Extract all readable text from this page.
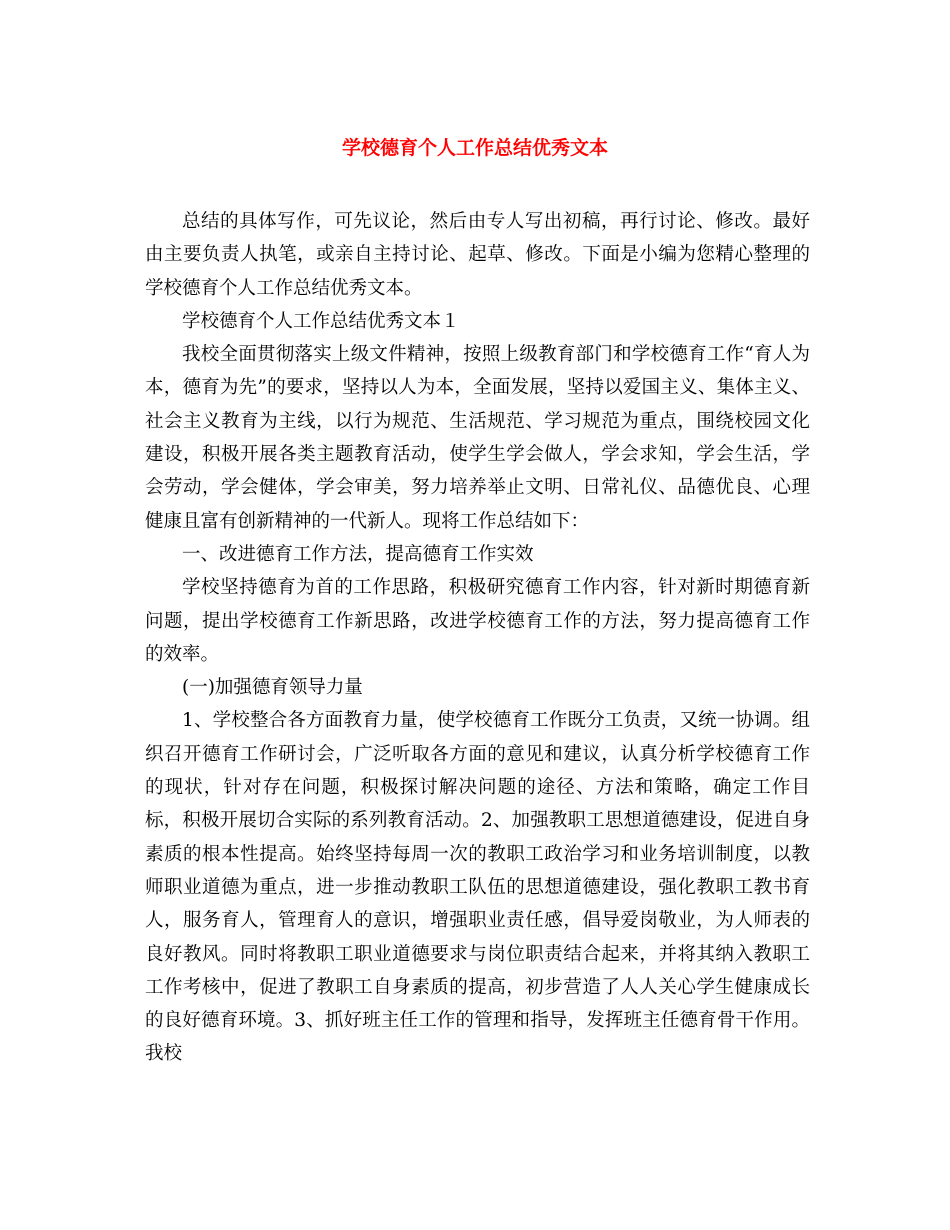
学校德育个人工作总结优秀文本

总结的具体写作，可先议论，然后由专人写出初稿，再行讨论、修改。最好由主要负责人执笔，或亲自主持讨论、起草、修改。下面是小编为您精心整理的学校德育个人工作总结优秀文本。

学校德育个人工作总结优秀文本１

我校全面贯彻落实上级文件精神，按照上级教育部门和学校德育工作“育人为本，德育为先”的要求，坚持以人为本，全面发展，坚持以爱国主义、集体主义、社会主义教育为主线，以行为规范、生活规范、学习规范为重点，围绕校园文化建设，积极开展各类主题教育活动，使学生学会做人，学会求知，学会生活，学会劳动，学会健体，学会审美，努力培养举止文明、日常礼仪、品德优良、心理健康且富有创新精神的一代新人。现将工作总结如下：

一、改进德育工作方法，提高德育工作实效

学校坚持德育为首的工作思路，积极研究德育工作内容，针对新时期德育新问题，提出学校德育工作新思路，改进学校德育工作的方法，努力提高德育工作的效率。

(一)加强德育领导力量

1、学校整合各方面教育力量，使学校德育工作既分工负责，又统一协调。组织召开德育工作研讨会，广泛听取各方面的意见和建议，认真分析学校德育工作的现状，针对存在问题，积极探讨解决问题的途径、方法和策略，确定工作目标，积极开展切合实际的系列教育活动。2、加强教职工思想道德建设，促进自身素质的根本性提高。始终坚持每周一次的教职工政治学习和业务培训制度，以教师职业道德为重点，进一步推动教职工队伍的思想道德建设，强化教职工教书育人，服务育人，管理育人的意识，增强职业责任感，倡导爱岗敬业，为人师表的良好教风。同时将教职工职业道德要求与岗位职责结合起来，并将其纳入教职工工作考核中，促进了教职工自身素质的提高，初步营造了人人关心学生健康成长的良好德育环境。3、抓好班主任工作的管理和指导，发挥班主任德育骨干作用。我校
